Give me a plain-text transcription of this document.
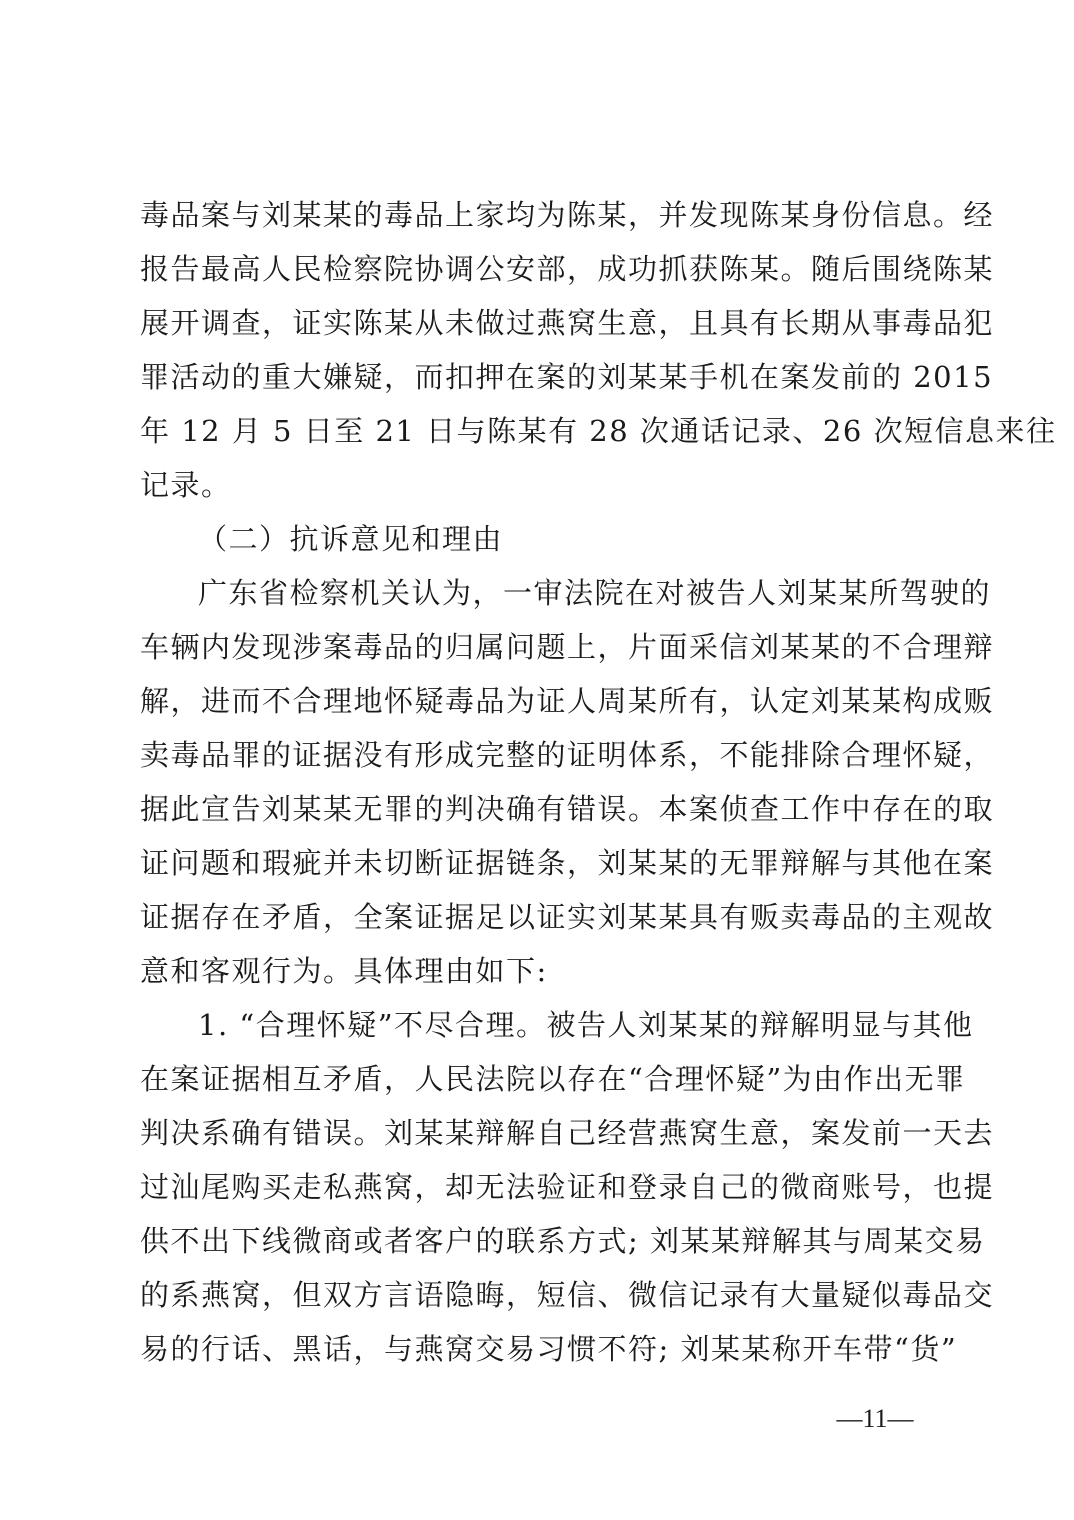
毒品案与刘某某的毒品上家均为陈某，并发现陈某身份信息。经
报告最高人民检察院协调公安部，成功抓获陈某。随后围绕陈某
展开调查，证实陈某从未做过燕窝生意，且具有长期从事毒品犯
罪活动的重大嫌疑，而扣押在案的刘某某手机在案发前的 2015
年 12 月 5 日至 21 日与陈某有 28 次通话记录、26 次短信息来往
记录。
（二）抗诉意见和理由
广东省检察机关认为，一审法院在对被告人刘某某所驾驶的
车辆内发现涉案毒品的归属问题上，片面采信刘某某的不合理辩
解，进而不合理地怀疑毒品为证人周某所有，认定刘某某构成贩
卖毒品罪的证据没有形成完整的证明体系，不能排除合理怀疑，
据此宣告刘某某无罪的判决确有错误。本案侦查工作中存在的取
证问题和瑕疵并未切断证据链条，刘某某的无罪辩解与其他在案
证据存在矛盾，全案证据足以证实刘某某具有贩卖毒品的主观故
意和客观行为。具体理由如下:
1. “合理怀疑”不尽合理。被告人刘某某的辩解明显与其他
在案证据相互矛盾，人民法院以存在“合理怀疑”为由作出无罪
判决系确有错误。刘某某辩解自己经营燕窝生意，案发前一天去
过汕尾购买走私燕窝，却无法验证和登录自己的微商账号，也提
供不出下线微商或者客户的联系方式; 刘某某辩解其与周某交易
的系燕窝，但双方言语隐晦，短信、微信记录有大量疑似毒品交
易的行话、黑话，与燕窝交易习惯不符; 刘某某称开车带“货”
—11—
